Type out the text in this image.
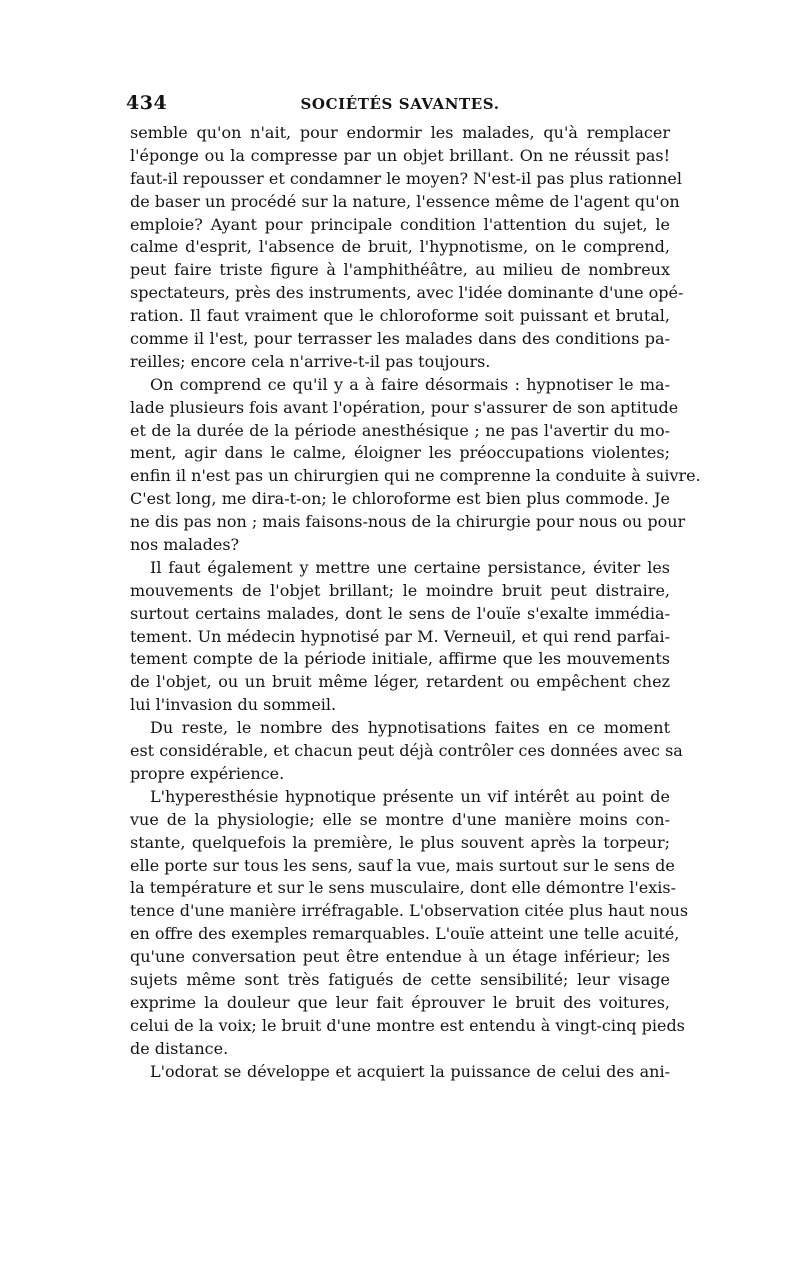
434	SOCIÉTÉS SAVANTES.
semble qu'on n'ait, pour endormir les malades, qu'à remplacer
l'éponge ou la compresse par un objet brillant. On ne réussit pas!
faut-il repousser et condamner le moyen? N'est-il pas plus rationnel
de baser un procédé sur la nature, l'essence même de l'agent qu'on
emploie? Ayant pour principale condition l'attention du sujet, le
calme d'esprit, l'absence de bruit, l'hypnotisme, on le comprend,
peut faire triste figure à l'amphithéâtre, au milieu de nombreux
spectateurs, près des instruments, avec l'idée dominante d'une opé-
ration. Il faut vraiment que le chloroforme soit puissant et brutal,
comme il l'est, pour terrasser les malades dans des conditions pa-
reilles; encore cela n'arrive-t-il pas toujours.
On comprend ce qu'il y a à faire désormais : hypnotiser le ma-
lade plusieurs fois avant l'opération, pour s'assurer de son aptitude
et de la durée de la période anesthésique ; ne pas l'avertir du mo-
ment, agir dans le calme, éloigner les préoccupations violentes;
enfin il n'est pas un chirurgien qui ne comprenne la conduite à suivre.
C'est long, me dira-t-on; le chloroforme est bien plus commode. Je
ne dis pas non ; mais faisons-nous de la chirurgie pour nous ou pour
nos malades?
Il faut également y mettre une certaine persistance, éviter les
mouvements de l'objet brillant; le moindre bruit peut distraire,
surtout certains malades, dont le sens de l'ouïe s'exalte immédia-
tement. Un médecin hypnotisé par M. Verneuil, et qui rend parfai-
tement compte de la période initiale, affirme que les mouvements
de l'objet, ou un bruit même léger, retardent ou empêchent chez
lui l'invasion du sommeil.
Du reste, le nombre des hypnotisations faites en ce moment
est considérable, et chacun peut déjà contrôler ces données avec sa
propre expérience.
L'hyperesthésie hypnotique présente un vif intérêt au point de
vue de la physiologie; elle se montre d'une manière moins con-
stante, quelquefois la première, le plus souvent après la torpeur;
elle porte sur tous les sens, sauf la vue, mais surtout sur le sens de
la température et sur le sens musculaire, dont elle démontre l'exis-
tence d'une manière irréfragable. L'observation citée plus haut nous
en offre des exemples remarquables. L'ouïe atteint une telle acuité,
qu'une conversation peut être entendue à un étage inférieur; les
sujets même sont très fatigués de cette sensibilité; leur visage
exprime la douleur que leur fait éprouver le bruit des voitures,
celui de la voix; le bruit d'une montre est entendu à vingt-cinq pieds
de distance.
L'odorat se développe et acquiert la puissance de celui des ani-
